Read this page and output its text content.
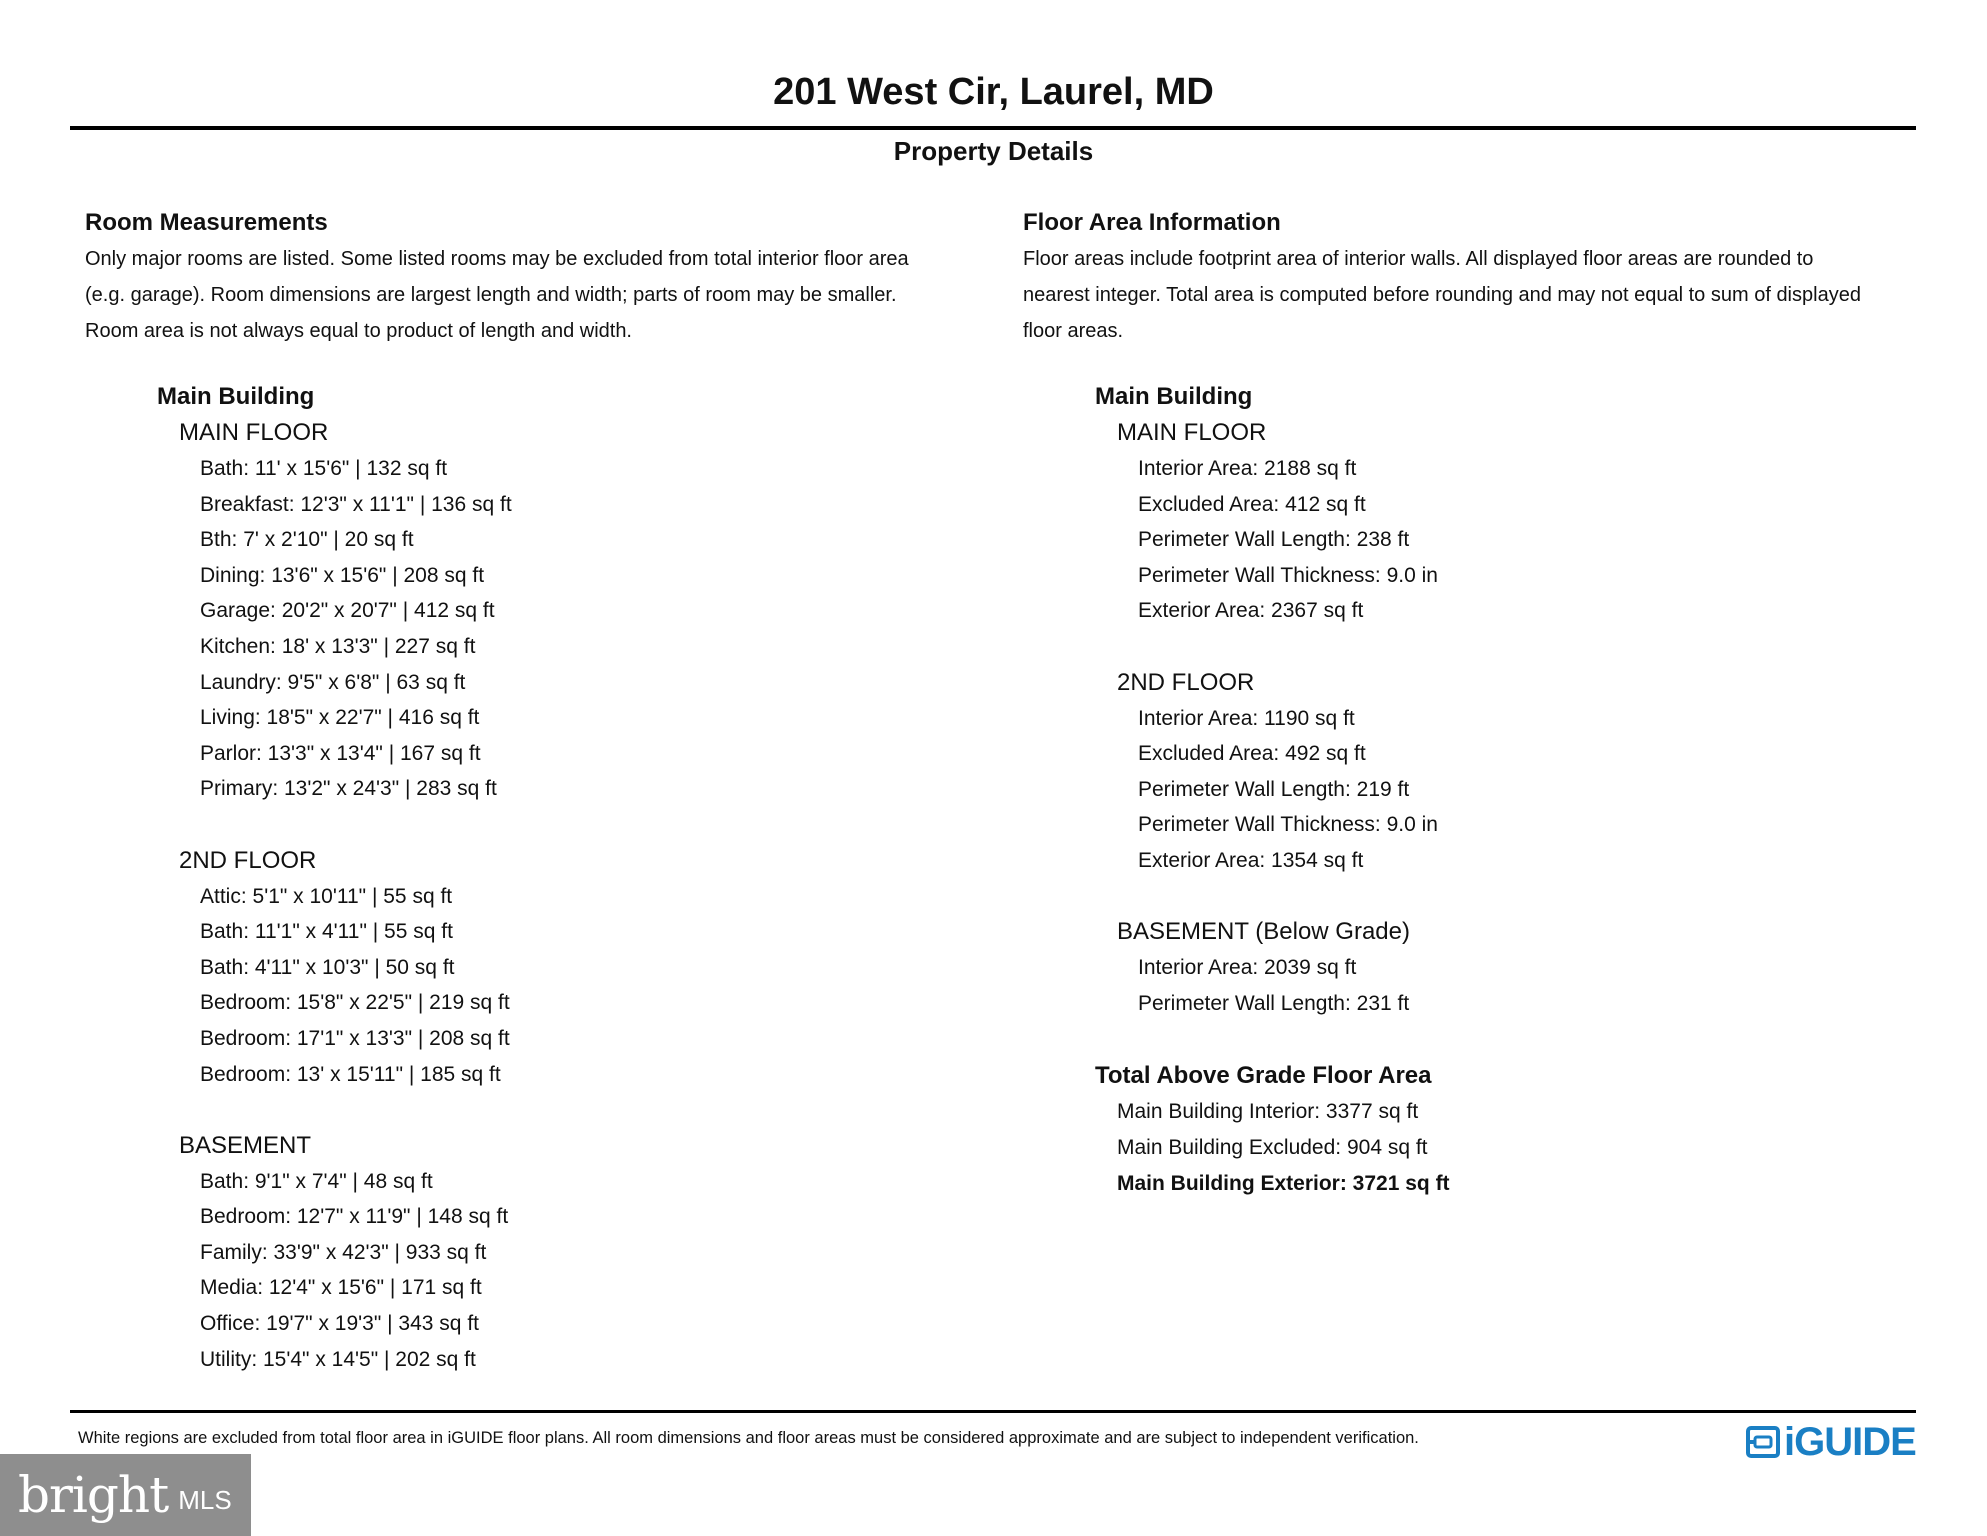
201 West Cir, Laurel, MD
Property Details
Room Measurements
Only major rooms are listed. Some listed rooms may be excluded from total interior floor area
(e.g. garage). Room dimensions are largest length and width; parts of room may be smaller.
Room area is not always equal to product of length and width.
Main Building
MAIN FLOOR
Bath: 11' x 15'6" | 132 sq ft
Breakfast: 12'3" x 11'1" | 136 sq ft
Bth: 7' x 2'10" | 20 sq ft
Dining: 13'6" x 15'6" | 208 sq ft
Garage: 20'2" x 20'7" | 412 sq ft
Kitchen: 18' x 13'3" | 227 sq ft
Laundry: 9'5" x 6'8" | 63 sq ft
Living: 18'5" x 22'7" | 416 sq ft
Parlor: 13'3" x 13'4" | 167 sq ft
Primary: 13'2" x 24'3" | 283 sq ft
2ND FLOOR
Attic: 5'1" x 10'11" | 55 sq ft
Bath: 11'1" x 4'11" | 55 sq ft
Bath: 4'11" x 10'3" | 50 sq ft
Bedroom: 15'8" x 22'5" | 219 sq ft
Bedroom: 17'1" x 13'3" | 208 sq ft
Bedroom: 13' x 15'11" | 185 sq ft
BASEMENT
Bath: 9'1" x 7'4" | 48 sq ft
Bedroom: 12'7" x 11'9" | 148 sq ft
Family: 33'9" x 42'3" | 933 sq ft
Media: 12'4" x 15'6" | 171 sq ft
Office: 19'7" x 19'3" | 343 sq ft
Utility: 15'4" x 14'5" | 202 sq ft
Floor Area Information
Floor areas include footprint area of interior walls. All displayed floor areas are rounded to
nearest integer. Total area is computed before rounding and may not equal to sum of displayed
floor areas.
Main Building
MAIN FLOOR
Interior Area: 2188 sq ft
Excluded Area: 412 sq ft
Perimeter Wall Length: 238 ft
Perimeter Wall Thickness: 9.0 in
Exterior Area: 2367 sq ft
2ND FLOOR
Interior Area: 1190 sq ft
Excluded Area: 492 sq ft
Perimeter Wall Length: 219 ft
Perimeter Wall Thickness: 9.0 in
Exterior Area: 1354 sq ft
BASEMENT (Below Grade)
Interior Area: 2039 sq ft
Perimeter Wall Length: 231 ft
Total Above Grade Floor Area
Main Building Interior: 3377 sq ft
Main Building Excluded: 904 sq ft
Main Building Exterior: 3721 sq ft
White regions are excluded from total floor area in iGUIDE floor plans. All room dimensions and floor areas must be considered approximate and are subject to independent verification.	iGUIDE
bright MLS
